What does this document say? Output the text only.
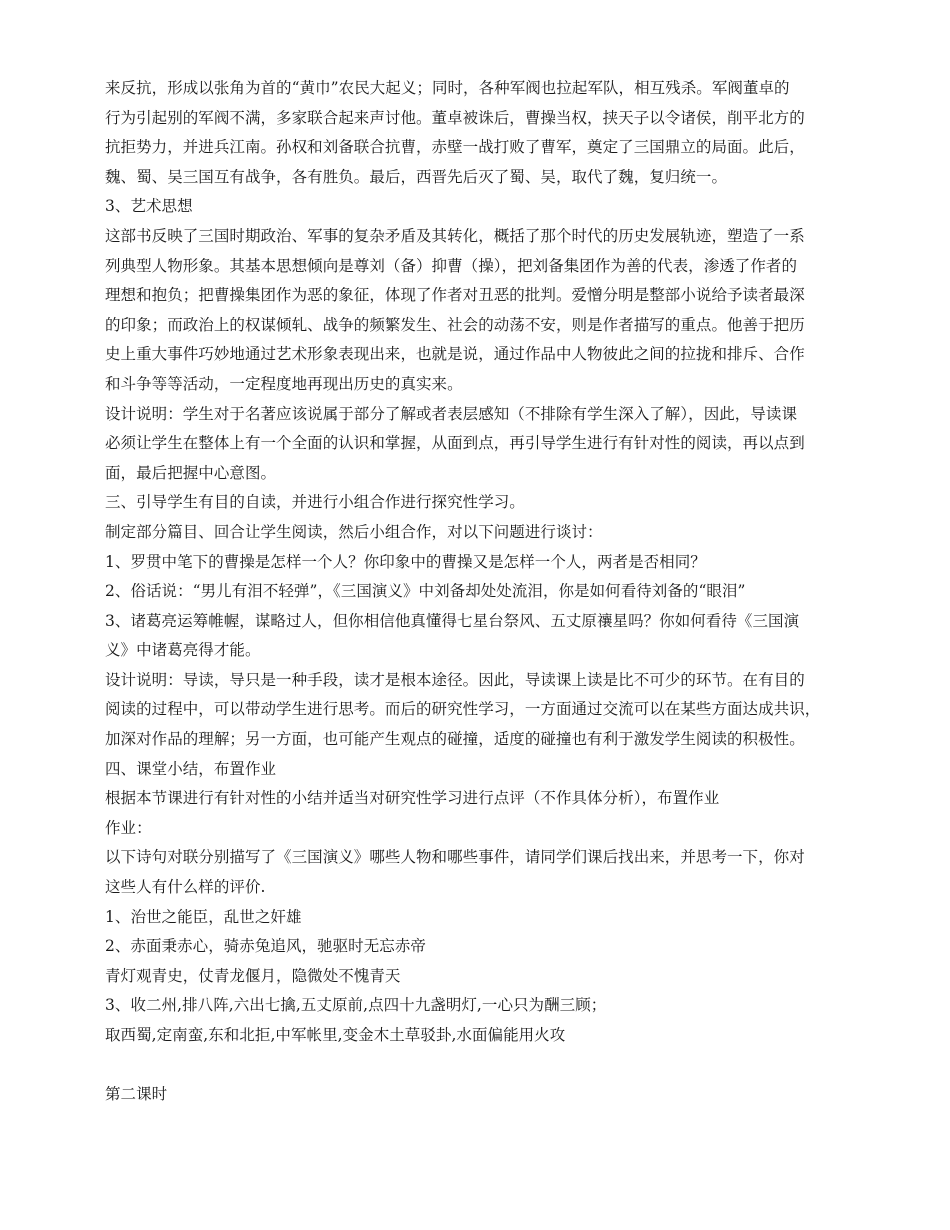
来反抗，形成以张角为首的“黄巾”农民大起义；同时，各种军阀也拉起军队，相互残杀。军阀董卓的
行为引起别的军阀不满，多家联合起来声讨他。董卓被诛后，曹操当权，挟天子以令诸侯，削平北方的
抗拒势力，并进兵江南。孙权和刘备联合抗曹，赤壁一战打败了曹军，奠定了三国鼎立的局面。此后，
魏、蜀、吴三国互有战争，各有胜负。最后，西晋先后灭了蜀、吴，取代了魏，复归统一。
3、艺术思想
这部书反映了三国时期政治、军事的复杂矛盾及其转化，概括了那个时代的历史发展轨迹，塑造了一系
列典型人物形象。其基本思想倾向是尊刘（备）抑曹（操），把刘备集团作为善的代表，渗透了作者的
理想和抱负；把曹操集团作为恶的象征，体现了作者对丑恶的批判。爱憎分明是整部小说给予读者最深
的印象；而政治上的权谋倾轧、战争的频繁发生、社会的动荡不安，则是作者描写的重点。他善于把历
史上重大事件巧妙地通过艺术形象表现出来，也就是说，通过作品中人物彼此之间的拉拢和排斥、合作
和斗争等等活动，一定程度地再现出历史的真实来。
设计说明：学生对于名著应该说属于部分了解或者表层感知（不排除有学生深入了解），因此，导读课
必须让学生在整体上有一个全面的认识和掌握，从面到点，再引导学生进行有针对性的阅读，再以点到
面，最后把握中心意图。
三、引导学生有目的自读，并进行小组合作进行探究性学习。
制定部分篇目、回合让学生阅读，然后小组合作，对以下问题进行谈讨：
1、罗贯中笔下的曹操是怎样一个人？你印象中的曹操又是怎样一个人，两者是否相同？
2、俗话说：“男儿有泪不轻弹”，《三国演义》中刘备却处处流泪，你是如何看待刘备的“眼泪”
3、诸葛亮运筹帷幄，谋略过人，但你相信他真懂得七星台祭风、五丈原禳星吗？你如何看待《三国演
义》中诸葛亮得才能。
设计说明：导读，导只是一种手段，读才是根本途径。因此，导读课上读是比不可少的环节。在有目的
阅读的过程中，可以带动学生进行思考。而后的研究性学习，一方面通过交流可以在某些方面达成共识，
加深对作品的理解；另一方面，也可能产生观点的碰撞，适度的碰撞也有利于激发学生阅读的积极性。
四、课堂小结，布置作业
根据本节课进行有针对性的小结并适当对研究性学习进行点评（不作具体分析），布置作业
作业：
以下诗句对联分别描写了《三国演义》哪些人物和哪些事件，请同学们课后找出来，并思考一下，你对
这些人有什么样的评价.
1、治世之能臣，乱世之奸雄
2、赤面秉赤心，骑赤兔追风，驰驱时无忘赤帝
青灯观青史，仗青龙偃月，隐微处不愧青天
3、收二州,排八阵,六出七擒,五丈原前,点四十九盏明灯,一心只为酬三顾；
取西蜀,定南蛮,东和北拒,中军帐里,变金木土草驳卦,水面偏能用火攻
第二课时
